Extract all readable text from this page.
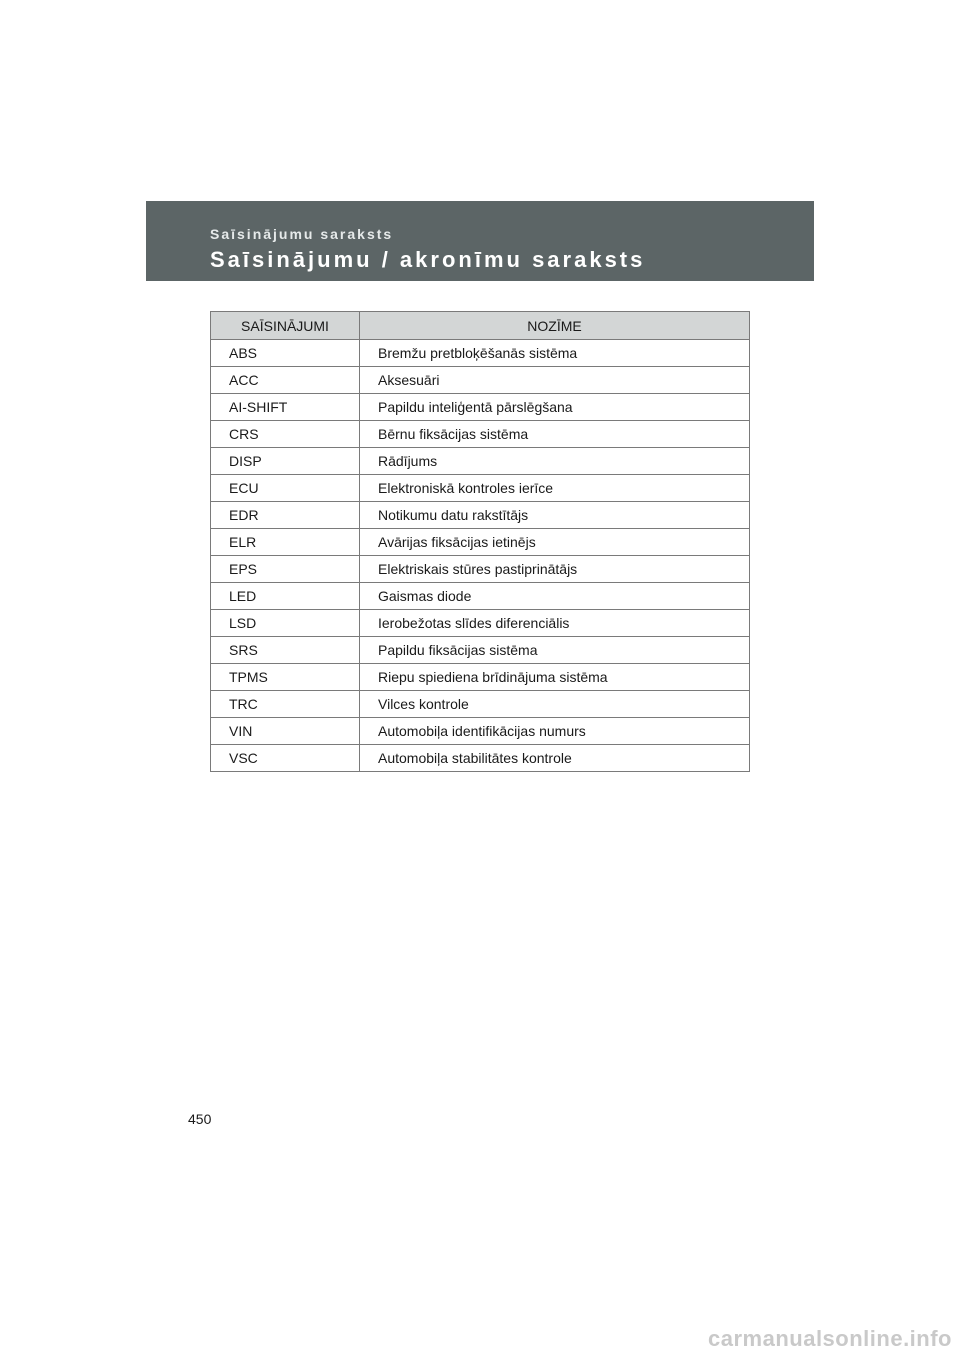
Saīsinājumu saraksts
Saīsinājumu / akronīmu saraksts
SAĪSINĀJUMI	NOZĪME
ABS	Bremžu pretbloķēšanās sistēma
ACC	Aksesuāri
AI-SHIFT	Papildu inteliģentā pārslēgšana
CRS	Bērnu fiksācijas sistēma
DISP	Rādījums
ECU	Elektroniskā kontroles ierīce
EDR	Notikumu datu rakstītājs
ELR	Avārijas fiksācijas ietinējs
EPS	Elektriskais stūres pastiprinātājs
LED	Gaismas diode
LSD	Ierobežotas slīdes diferenciālis
SRS	Papildu fiksācijas sistēma
TPMS	Riepu spiediena brīdinājuma sistēma
TRC	Vilces kontrole
VIN	Automobiļa identifikācijas numurs
VSC	Automobiļa stabilitātes kontrole
450
carmanualsonline.info
